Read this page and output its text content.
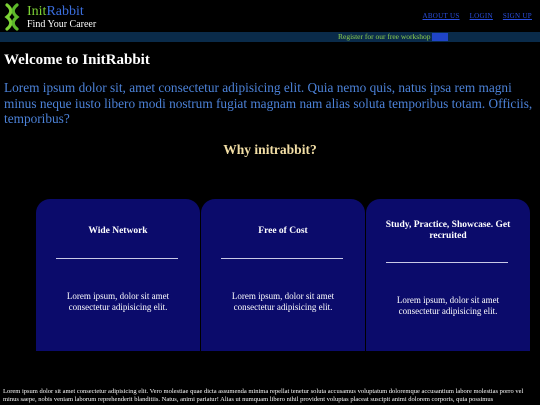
InitRabbit
Find Your Career
ABOUT US LOGIN SIGN UP
Register for our free workshop
Welcome to InitRabbit

Lorem ipsum dolor sit, amet consectetur adipisicing elit. Quia nemo quis, natus ipsa rem magni minus neque iusto libero modi nostrum fugiat magnam nam alias soluta temporibus totam. Officiis, temporibus?

Why initrabbit?
Wide Network

Lorem ipsum, dolor sit amet consectetur adipisicing elit.

Free of Cost

Lorem ipsum, dolor sit amet consectetur adipisicing elit.

Study, Practice, Showcase. Get recruited

Lorem ipsum, dolor sit amet consectetur adipisicing elit.

Lorem ipsum dolor sit amet consectetur adipisicing elit. Vero molestiae quae dicta assumenda minima repellat tenetur soluta accusamus voluptatum doloremque accusantium labore molestias porro vel minus saepe, nobis veniam laborum reprehenderit blanditiis. Natus, animi pariatur! Alias ut numquam libero nihil provident voluptas placeat suscipit animi dolorem corporis, quia possimus
